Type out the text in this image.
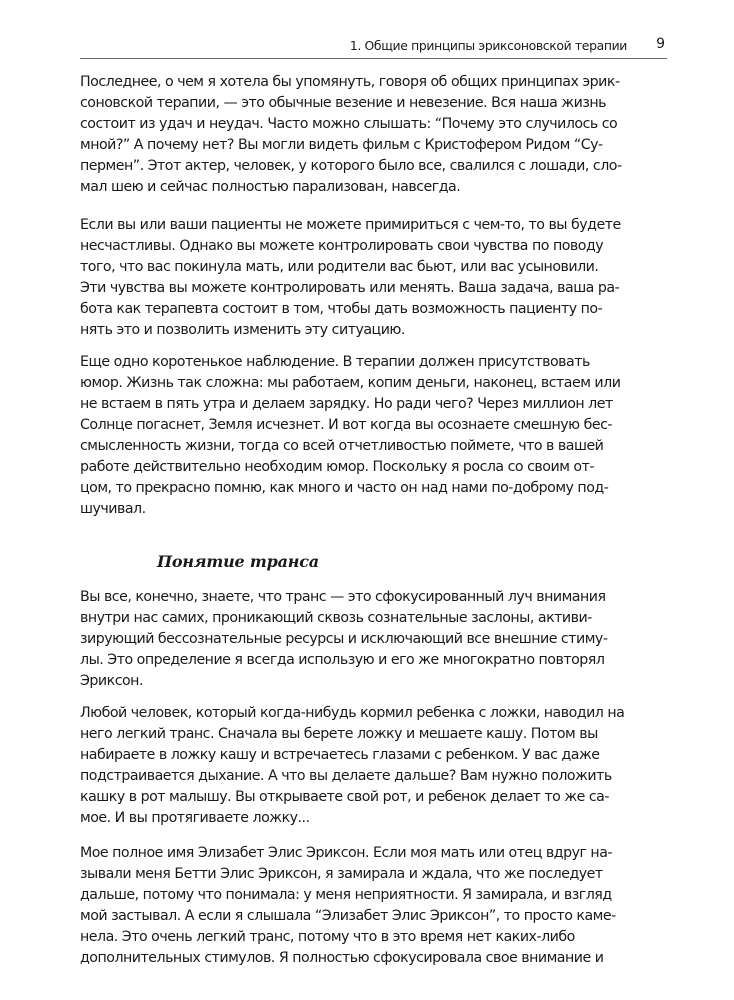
1. Общие принципы эриксоновской терапии 9
Последнее, о чем я хотела бы упомянуть, говоря об общих принципах эрик-
соновской терапии, — это обычные везение и невезение. Вся наша жизнь
состоит из удач и неудач. Часто можно слышать: “Почему это случилось со
мной?” А почему нет? Вы могли видеть фильм с Кристофером Ридом “Су-
пермен”. Этот актер, человек, у которого было все, свалился с лошади, сло-
мал шею и сейчас полностью парализован, навсегда.
Если вы или ваши пациенты не можете примириться с чем-то, то вы будете
несчастливы. Однако вы можете контролировать свои чувства по поводу
того, что вас покинула мать, или родители вас бьют, или вас усыновили.
Эти чувства вы можете контролировать или менять. Ваша задача, ваша ра-
бота как терапевта состоит в том, чтобы дать возможность пациенту по-
нять это и позволить изменить эту ситуацию.
Еще одно коротенькое наблюдение. В терапии должен присутствовать
юмор. Жизнь так сложна: мы работаем, копим деньги, наконец, встаем или
не встаем в пять утра и делаем зарядку. Но ради чего? Через миллион лет
Солнце погаснет, Земля исчезнет. И вот когда вы осознаете смешную бес-
смысленность жизни, тогда со всей отчетливостью поймете, что в вашей
работе действительно необходим юмор. Поскольку я росла со своим от-
цом, то прекрасно помню, как много и часто он над нами по-доброму под-
шучивал.
Понятие транса
Вы все, конечно, знаете, что транс — это сфокусированный луч внимания
внутри нас самих, проникающий сквозь сознательные заслоны, активи-
зирующий бессознательные ресурсы и исключающий все внешние стиму-
лы. Это определение я всегда использую и его же многократно повторял
Эриксон.
Любой человек, который когда-нибудь кормил ребенка с ложки, наводил на
него легкий транс. Сначала вы берете ложку и мешаете кашу. Потом вы
набираете в ложку кашу и встречаетесь глазами с ребенком. У вас даже
подстраивается дыхание. А что вы делаете дальше? Вам нужно положить
кашку в рот малышу. Вы открываете свой рот, и ребенок делает то же са-
мое. И вы протягиваете ложку...
Мое полное имя Элизабет Элис Эриксон. Если моя мать или отец вдруг на-
зывали меня Бетти Элис Эриксон, я замирала и ждала, что же последует
дальше, потому что понимала: у меня неприятности. Я замирала, и взгляд
мой застывал. А если я слышала “Элизабет Элис Эриксон”, то просто каме-
нела. Это очень легкий транс, потому что в это время нет каких-либо
дополнительных стимулов. Я полностью сфокусировала свое внимание и
